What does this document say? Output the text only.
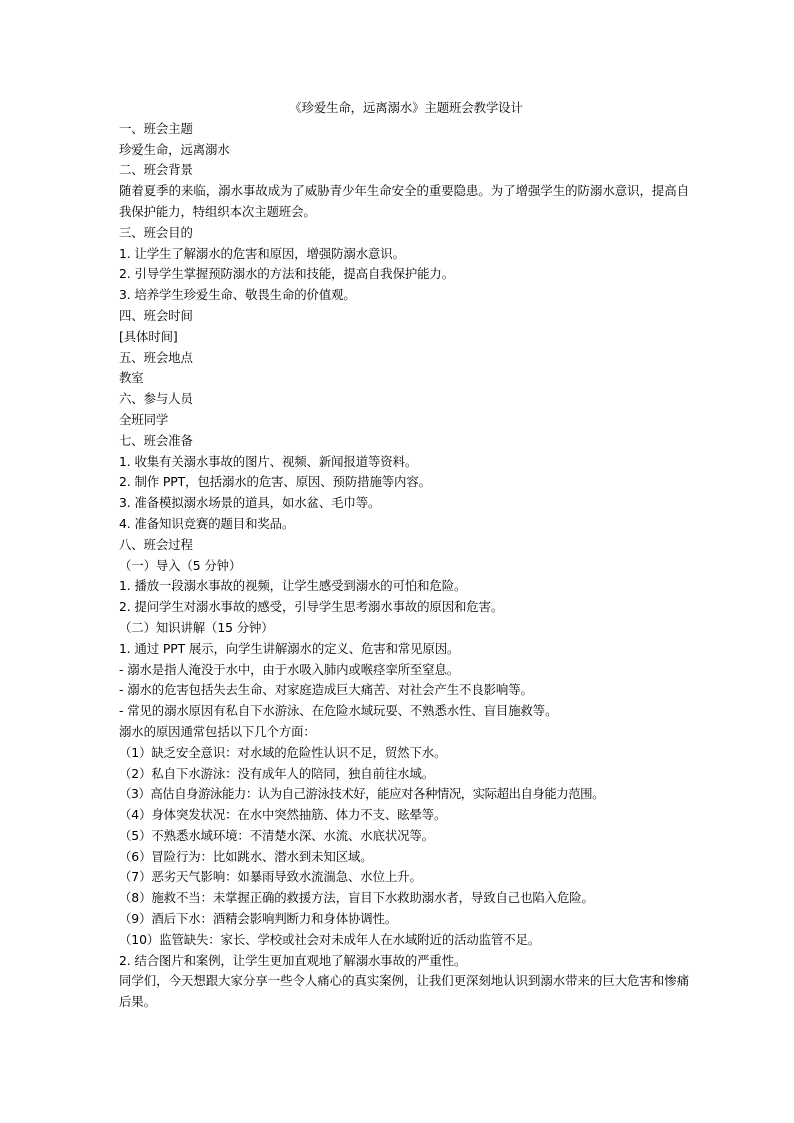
《珍爱生命，远离溺水》主题班会教学设计

一、班会主题

珍爱生命，远离溺水

二、班会背景

随着夏季的来临，溺水事故成为了威胁青少年生命安全的重要隐患。为了增强学生的防溺水意识，提高自我保护能力，特组织本次主题班会。

三、班会目的

1. 让学生了解溺水的危害和原因，增强防溺水意识。

2. 引导学生掌握预防溺水的方法和技能，提高自我保护能力。

3. 培养学生珍爱生命、敬畏生命的价值观。

四、班会时间

[具体时间]

五、班会地点

教室

六、参与人员

全班同学

七、班会准备

1. 收集有关溺水事故的图片、视频、新闻报道等资料。

2. 制作 PPT，包括溺水的危害、原因、预防措施等内容。

3. 准备模拟溺水场景的道具，如水盆、毛巾等。

4. 准备知识竞赛的题目和奖品。

八、班会过程

（一）导入（5 分钟）

1. 播放一段溺水事故的视频，让学生感受到溺水的可怕和危险。

2. 提问学生对溺水事故的感受，引导学生思考溺水事故的原因和危害。

（二）知识讲解（15 分钟）

1. 通过 PPT 展示，向学生讲解溺水的定义、危害和常见原因。

- 溺水是指人淹没于水中，由于水吸入肺内或喉痉挛所至窒息。

- 溺水的危害包括失去生命、对家庭造成巨大痛苦、对社会产生不良影响等。

- 常见的溺水原因有私自下水游泳、在危险水域玩耍、不熟悉水性、盲目施救等。

溺水的原因通常包括以下几个方面：

（1）缺乏安全意识：对水域的危险性认识不足，贸然下水。

（2）私自下水游泳：没有成年人的陪同，独自前往水域。

（3）高估自身游泳能力：认为自己游泳技术好，能应对各种情况，实际超出自身能力范围。

（4）身体突发状况：在水中突然抽筋、体力不支、眩晕等。

（5）不熟悉水域环境：不清楚水深、水流、水底状况等。

（6）冒险行为：比如跳水、潜水到未知区域。

（7）恶劣天气影响：如暴雨导致水流湍急、水位上升。

（8）施救不当：未掌握正确的救援方法，盲目下水救助溺水者，导致自己也陷入危险。

（9）酒后下水：酒精会影响判断力和身体协调性。

（10）监管缺失：家长、学校或社会对未成年人在水域附近的活动监管不足。

2. 结合图片和案例，让学生更加直观地了解溺水事故的严重性。

同学们，今天想跟大家分享一些令人痛心的真实案例，让我们更深刻地认识到溺水带来的巨大危害和惨痛后果。
